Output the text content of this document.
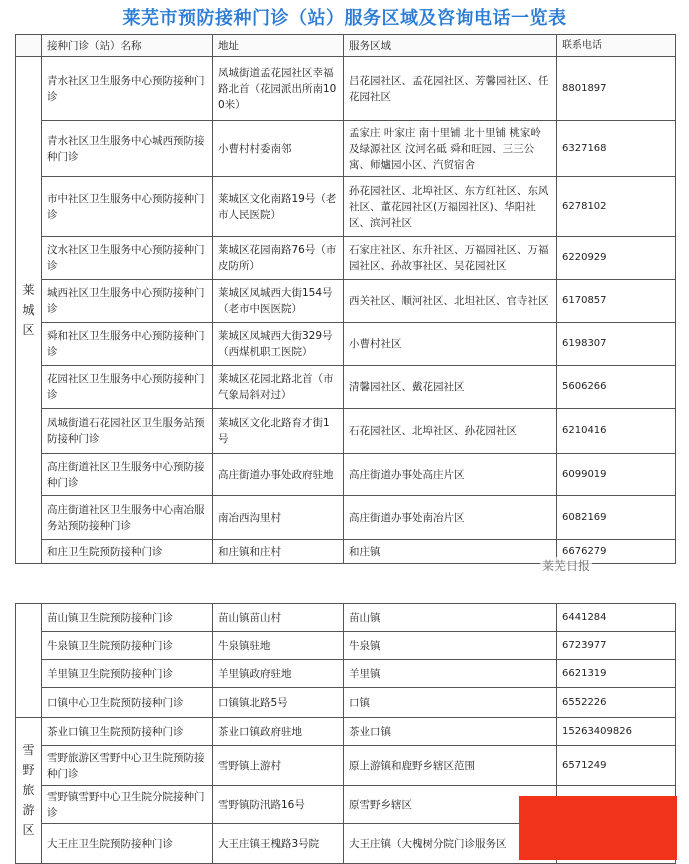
莱芜市预防接种门诊（站）服务区域及咨询电话一览表
	接种门诊（站）名称	地址	服务区域	联系电话
莱城区	青水社区卫生服务中心预防接种门诊	凤城街道孟花园社区幸福路北首（花园派出所南100米）	吕花园社区、孟花园社区、芳馨园社区、任花园社区	8801897
	青水社区卫生服务中心城西预防接种门诊	小曹村村委南邻	孟家庄 叶家庄 南十里铺 北十里铺 桃家岭及绿源社区 汶河名砥 舜和旺园、三三公寓、师爐园小区、汽贸宿舍	6327168
	市中社区卫生服务中心预防接种门诊	莱城区文化南路19号（老市人民医院）	孙花园社区、北埠社区、东方红社区、东风社区、董花园社区(万福园社区)、华阳社区、滨河社区	6278102
	汶水社区卫生服务中心预防接种门诊	莱城区花园南路76号（市皮防所）	石家庄社区、东升社区、万福园社区、万福园社区、孙故事社区、吴花园社区	6220929
	城西社区卫生服务中心预防接种门诊	莱城区凤城西大街154号（老市中医医院）	西关社区、顺河社区、北坦社区、官寺社区	6170857
	舜和社区卫生服务中心预防接种门诊	莱城区凤城西大街329号（西煤机职工医院）	小曹村社区	6198307
	花园社区卫生服务中心预防接种门诊	莱城区花园北路北首（市气象局斜对过）	清馨园社区、戴花园社区	5606266
	凤城街道石花园社区卫生服务站预防接种门诊	莱城区文化北路育才街1号	石花园社区、北埠社区、孙花园社区	6210416
	高庄街道社区卫生服务中心预防接种门诊	高庄街道办事处政府驻地	高庄街道办事处高庄片区	6099019
	高庄街道社区卫生服务中心南冶服务站预防接种门诊	南冶西沟里村	高庄街道办事处南冶片区	6082169
	和庄卫生院预防接种门诊	和庄镇和庄村	和庄镇	6676279
	苗山镇卫生院预防接种门诊	苗山镇苗山村	苗山镇	6441284
	牛泉镇卫生院预防接种门诊	牛泉镇驻地	牛泉镇	6723977
	羊里镇卫生院预防接种门诊	羊里镇政府驻地	羊里镇	6621319
	口镇中心卫生院预防接种门诊	口镇镇北路5号	口镇	6552226
雪野旅游区	茶业口镇卫生院预防接种门诊	茶业口镇政府驻地	茶业口镇	15263409826
	雪野旅游区雪野中心卫生院预防接种门诊	雪野镇上游村	原上游镇和鹿野乡辖区范围	6571249
	雪野镇雪野中心卫生院分院接种门诊	雪野镇防汛路16号	原雪野乡辖区	
	大王庄卫生院预防接种门诊	大王庄镇王槐路3号院	大王庄镇（大槐树分院门诊服务区	
莱芜日报
